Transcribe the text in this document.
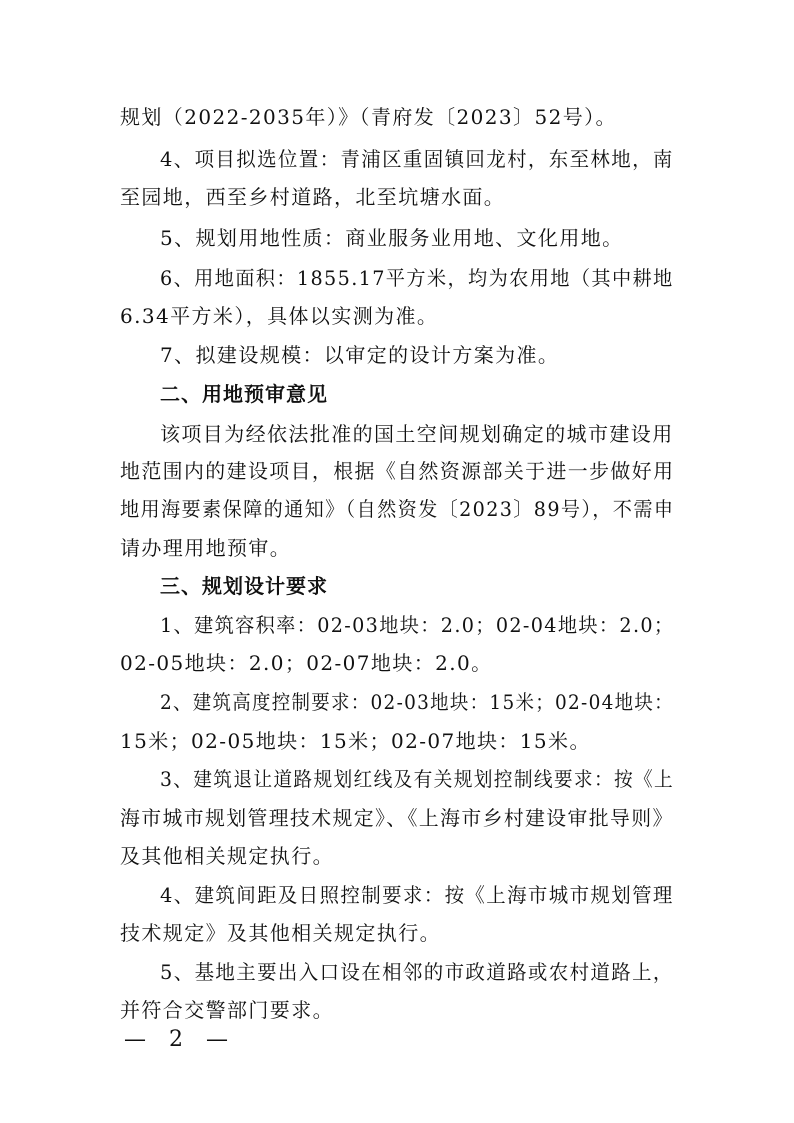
规划（2022-2035年）》（青府发〔2023〕52号）。
4、项目拟选位置：青浦区重固镇回龙村，东至林地，南
至园地，西至乡村道路，北至坑塘水面。
5、规划用地性质：商业服务业用地、文化用地。
6、用地面积：1855.17平方米，均为农用地（其中耕地
6.34平方米），具体以实测为准。
7、拟建设规模：以审定的设计方案为准。
二、用地预审意见
该项目为经依法批准的国土空间规划确定的城市建设用
地范围内的建设项目，根据《自然资源部关于进一步做好用
地用海要素保障的通知》（自然资发〔2023〕89号），不需申
请办理用地预审。
三、规划设计要求
1、建筑容积率：02-03地块：2.0；02-04地块：2.0；
02-05地块：2.0；02-07地块：2.0。
2、建筑高度控制要求：02-03地块：15米；02-04地块：
15米；02-05地块：15米；02-07地块：15米。
3、建筑退让道路规划红线及有关规划控制线要求：按《上
海市城市规划管理技术规定》、《上海市乡村建设审批导则》
及其他相关规定执行。
4、建筑间距及日照控制要求：按《上海市城市规划管理
技术规定》及其他相关规定执行。
5、基地主要出入口设在相邻的市政道路或农村道路上，
并符合交警部门要求。
— 2 —
